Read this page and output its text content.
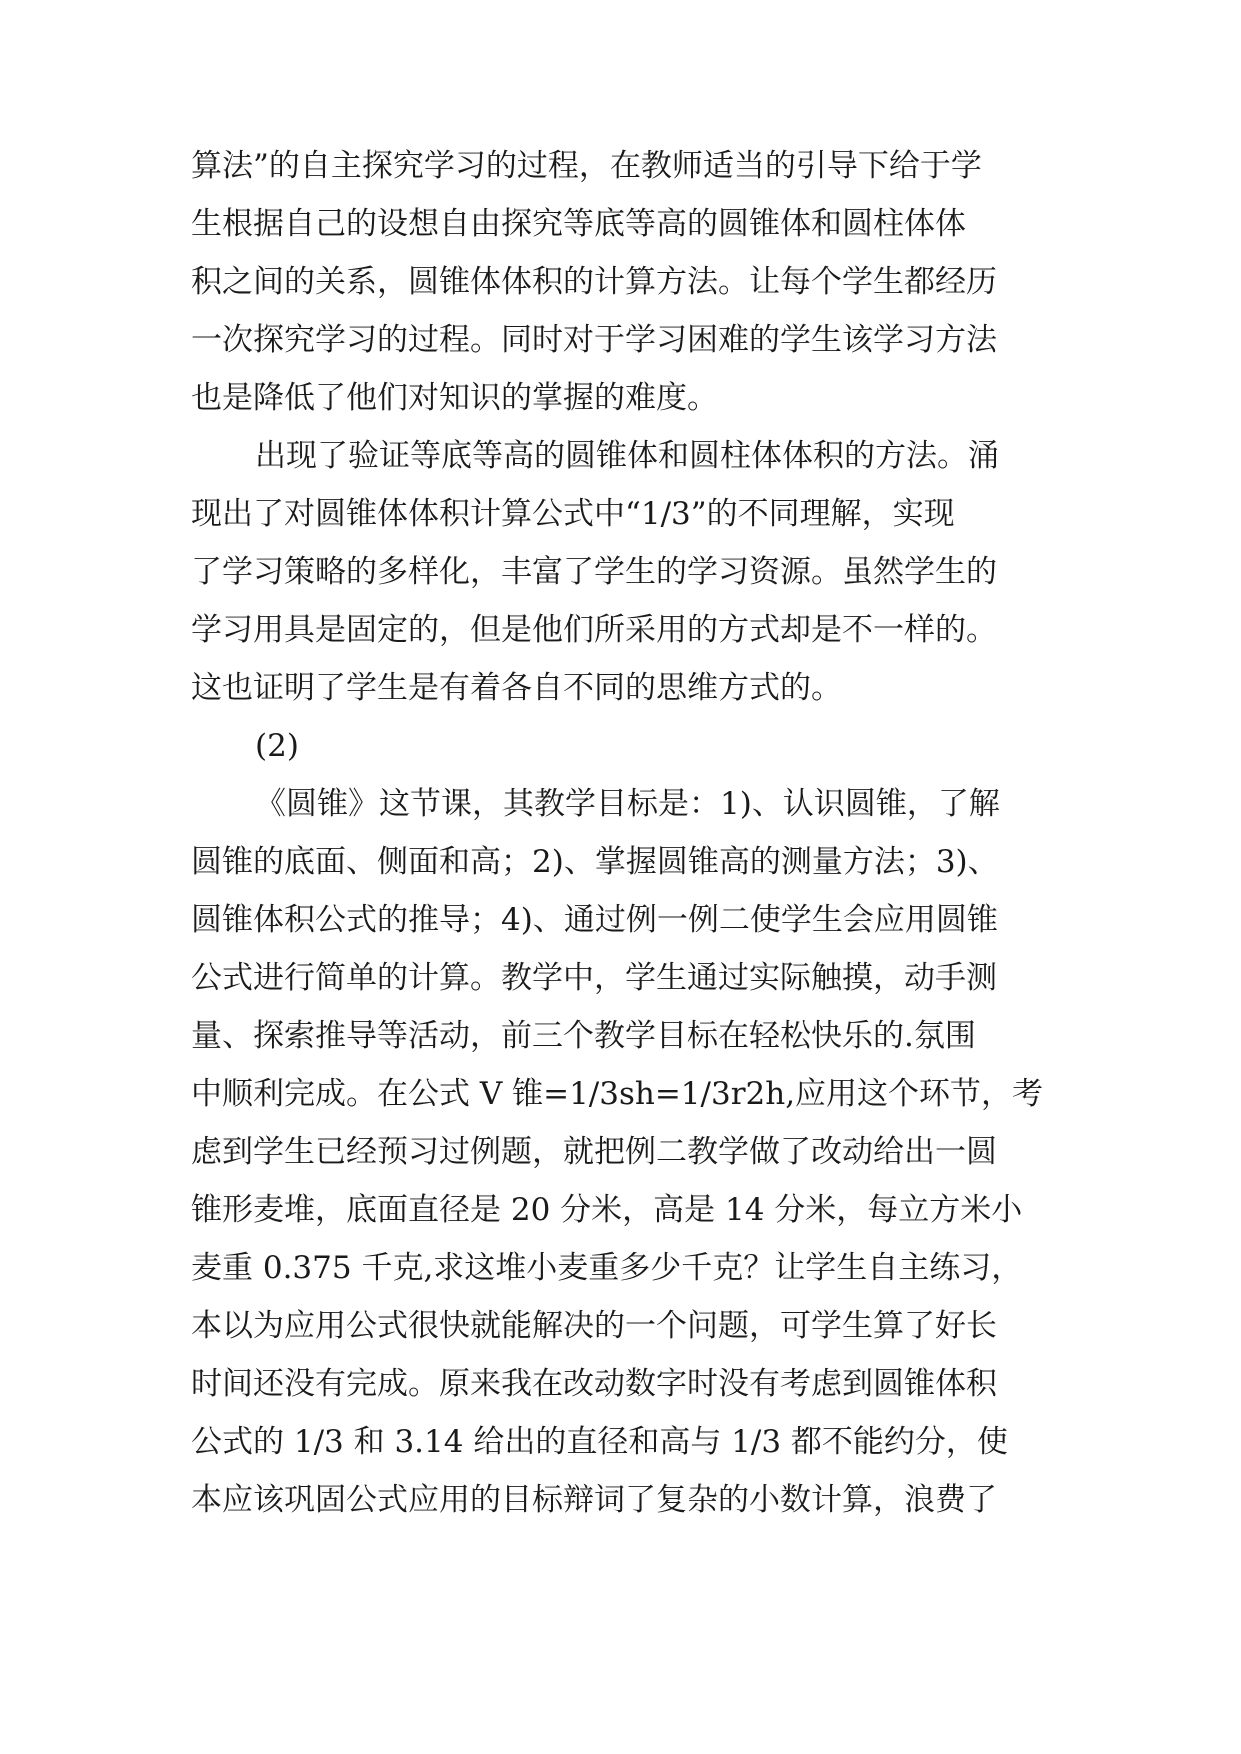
算法”的自主探究学习的过程，在教师适当的引导下给于学
生根据自己的设想自由探究等底等高的圆锥体和圆柱体体
积之间的关系，圆锥体体积的计算方法。让每个学生都经历
一次探究学习的过程。同时对于学习困难的学生该学习方法
也是降低了他们对知识的掌握的难度。
出现了验证等底等高的圆锥体和圆柱体体积的方法。涌
现出了对圆锥体体积计算公式中“1/3”的不同理解，实现
了学习策略的多样化，丰富了学生的学习资源。虽然学生的
学习用具是固定的，但是他们所采用的方式却是不一样的。
这也证明了学生是有着各自不同的思维方式的。
(2)
《圆锥》这节课，其教学目标是：1)、认识圆锥，了解
圆锥的底面、侧面和高；2)、掌握圆锥高的测量方法；3)、
圆锥体积公式的推导；4)、通过例一例二使学生会应用圆锥
公式进行简单的计算。教学中，学生通过实际触摸，动手测
量、探索推导等活动，前三个教学目标在轻松快乐的.氛围
中顺利完成。在公式 V 锥=1/3sh=1/3r2h,应用这个环节，考
虑到学生已经预习过例题，就把例二教学做了改动给出一圆
锥形麦堆，底面直径是 20 分米，高是 14 分米，每立方米小
麦重 0.375 千克,求这堆小麦重多少千克？让学生自主练习，
本以为应用公式很快就能解决的一个问题，可学生算了好长
时间还没有完成。原来我在改动数字时没有考虑到圆锥体积
公式的 1/3 和 3.14 给出的直径和高与 1/3 都不能约分，使
本应该巩固公式应用的目标辩词了复杂的小数计算，浪费了
